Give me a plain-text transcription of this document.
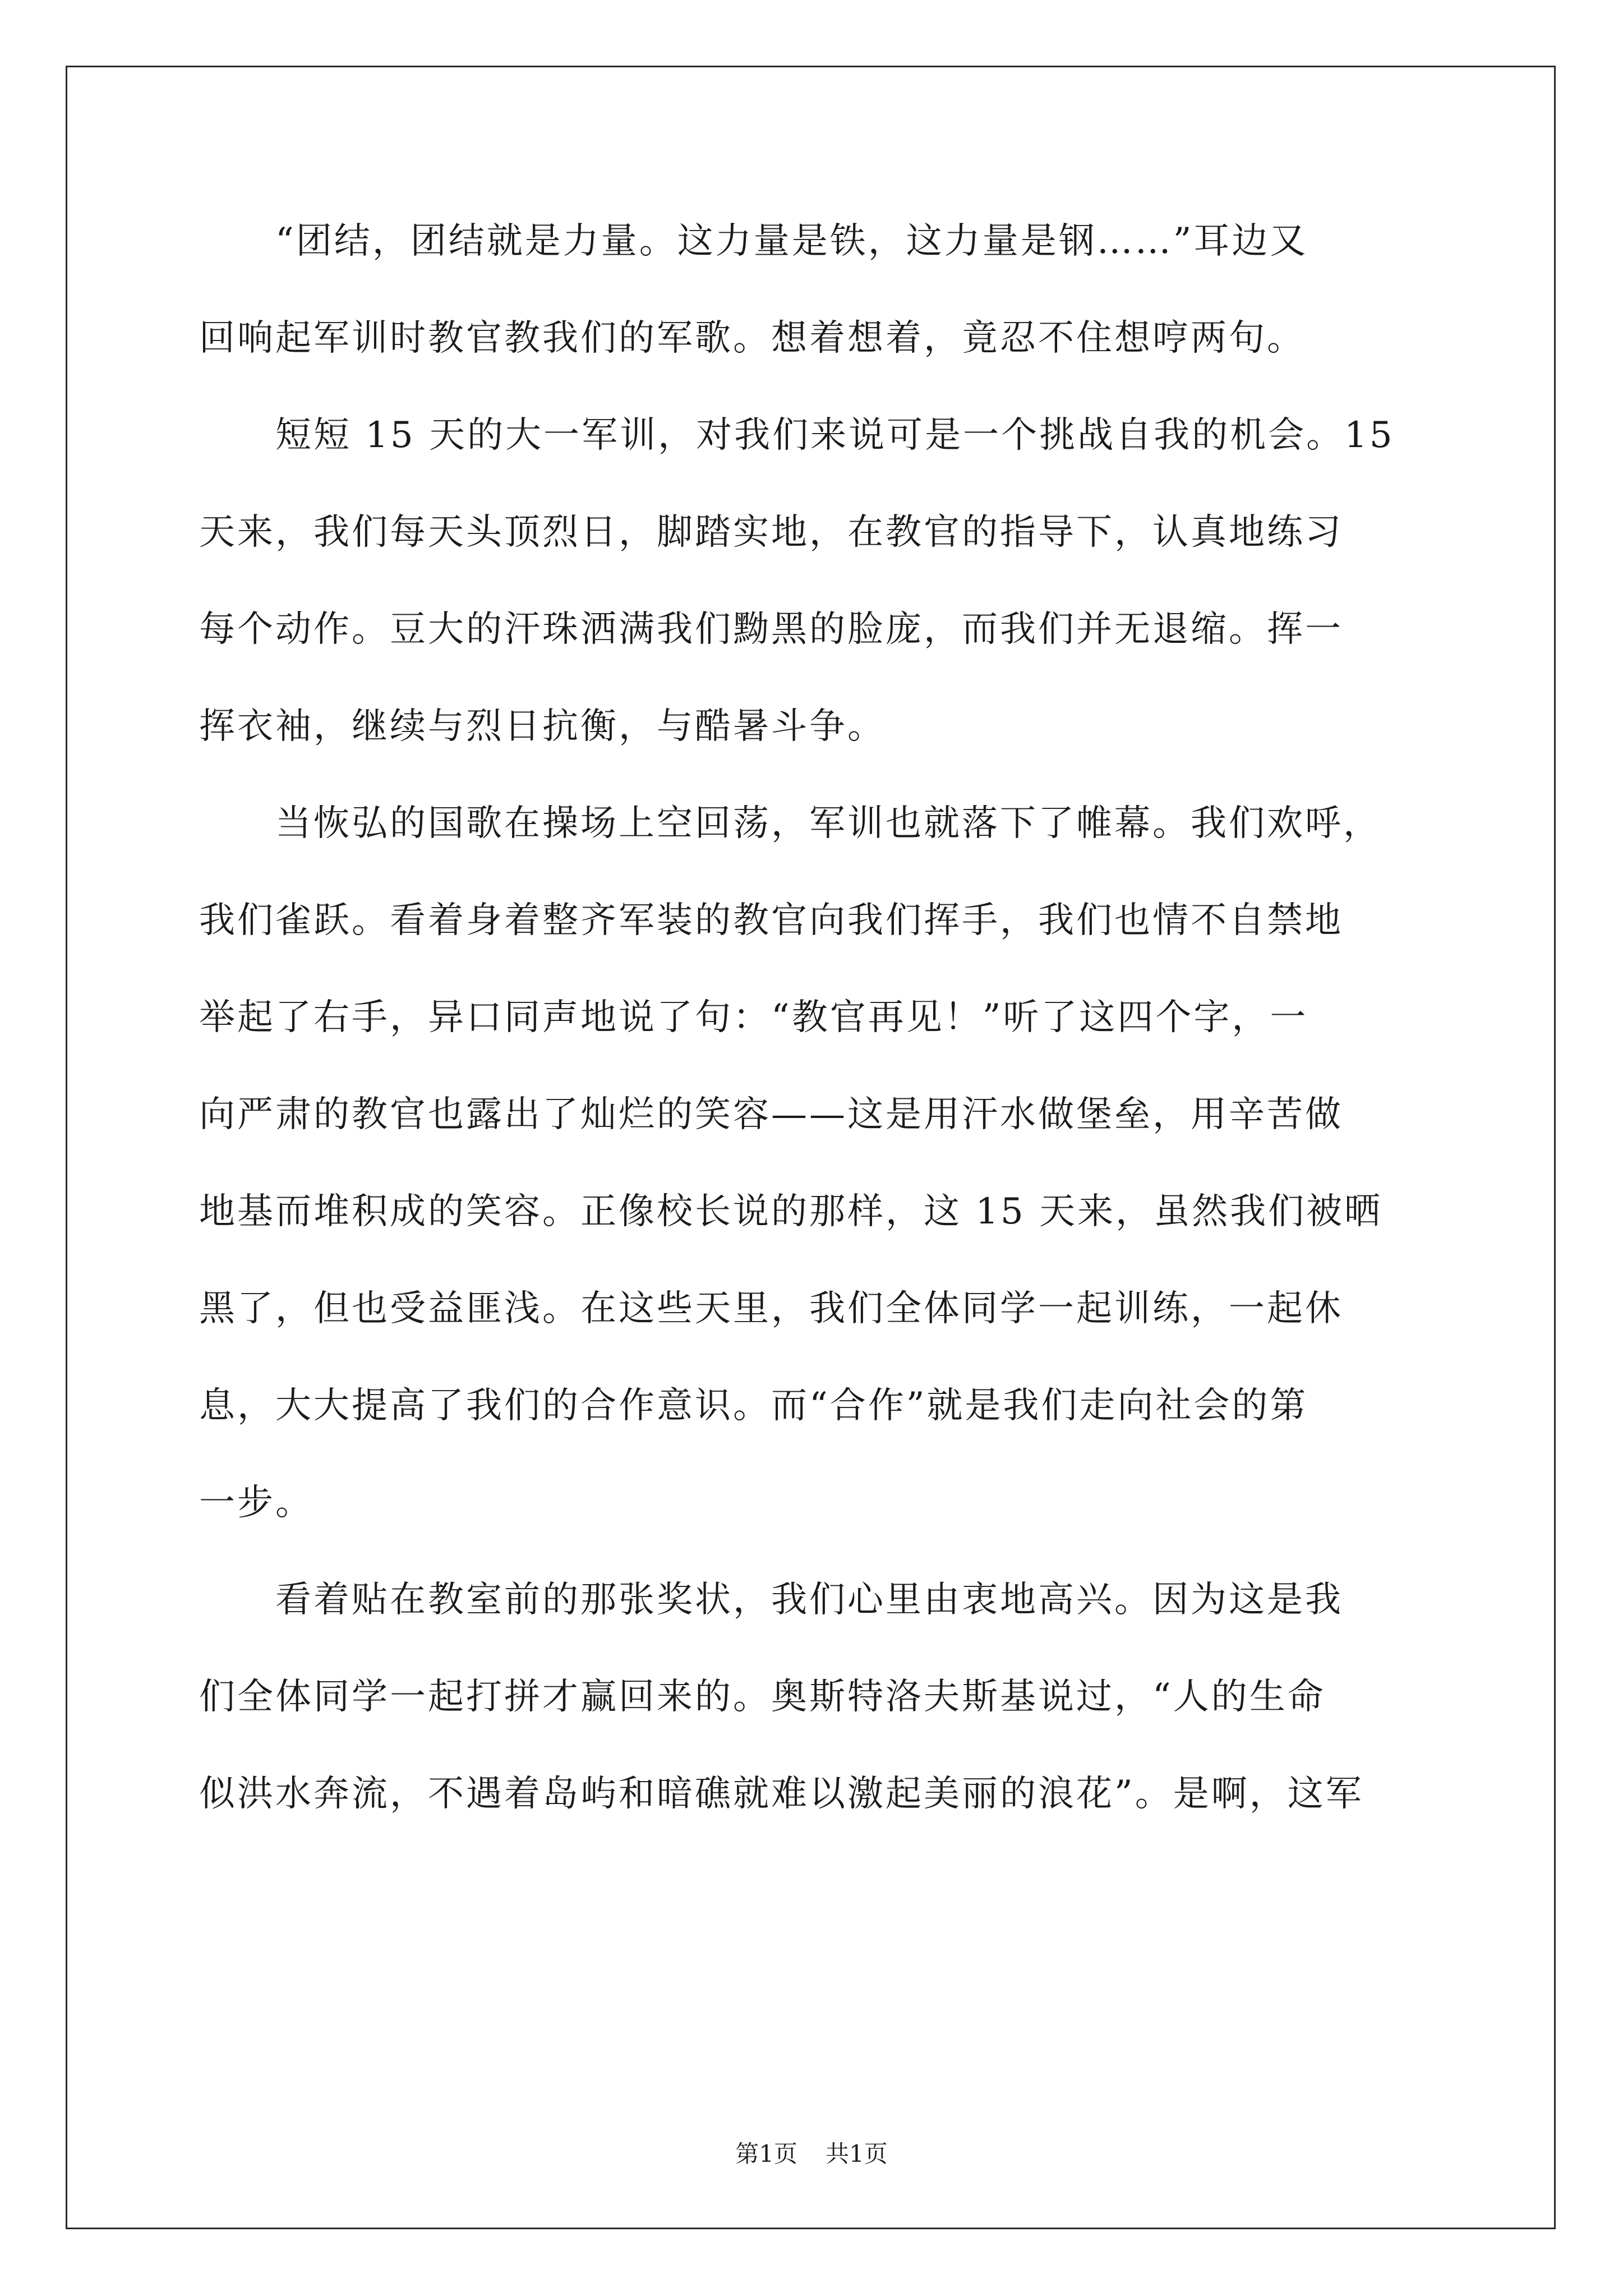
　　“团结，团结就是力量。这力量是铁，这力量是钢……”耳边又
回响起军训时教官教我们的军歌。想着想着，竟忍不住想哼两句。
　　短短 15 天的大一军训，对我们来说可是一个挑战自我的机会。15
天来，我们每天头顶烈日，脚踏实地，在教官的指导下，认真地练习
每个动作。豆大的汗珠洒满我们黝黑的脸庞，而我们并无退缩。挥一
挥衣袖，继续与烈日抗衡，与酷暑斗争。
　　当恢弘的国歌在操场上空回荡，军训也就落下了帷幕。我们欢呼，
我们雀跃。看着身着整齐军装的教官向我们挥手，我们也情不自禁地
举起了右手，异口同声地说了句：“教官再见！”听了这四个字，一
向严肃的教官也露出了灿烂的笑容——这是用汗水做堡垒，用辛苦做
地基而堆积成的笑容。正像校长说的那样，这 15 天来，虽然我们被晒
黑了，但也受益匪浅。在这些天里，我们全体同学一起训练，一起休
息，大大提高了我们的合作意识。而“合作”就是我们走向社会的第
一步。
　　看着贴在教室前的那张奖状，我们心里由衷地高兴。因为这是我
们全体同学一起打拼才赢回来的。奥斯特洛夫斯基说过，“人的生命
似洪水奔流，不遇着岛屿和暗礁就难以激起美丽的浪花”。是啊，这军
第1页 共1页
